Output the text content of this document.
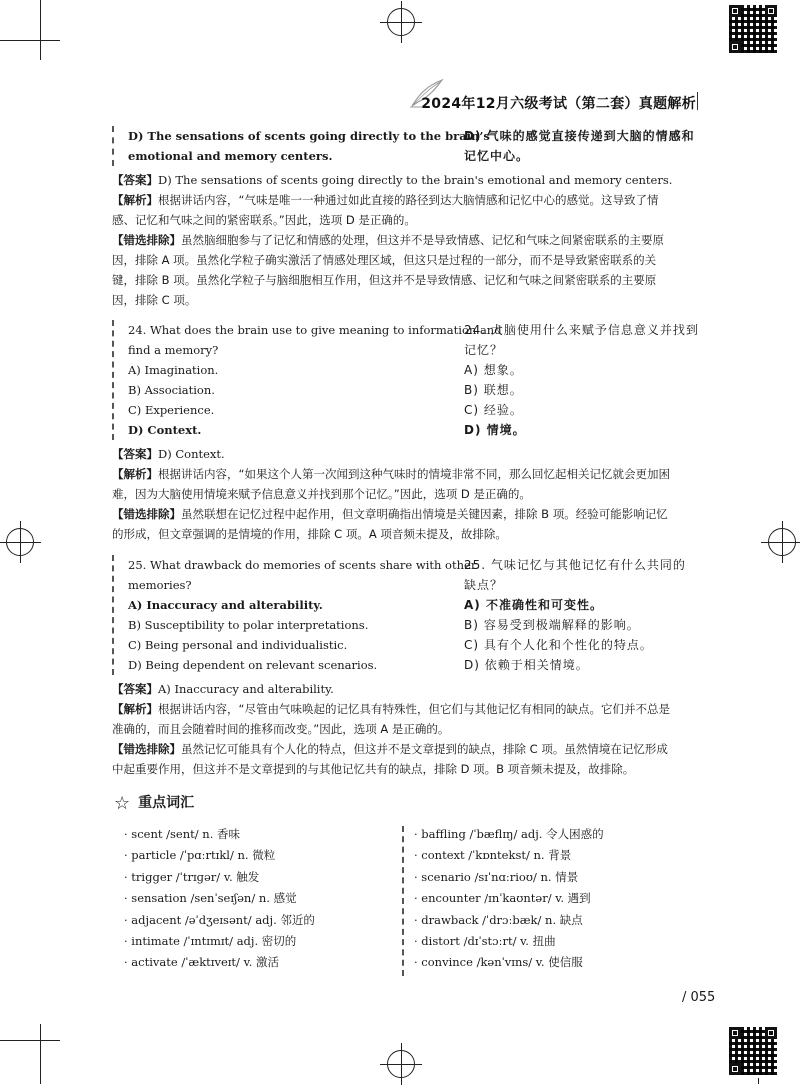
2024年12月六级考试（第二套）真题解析
D) The sensations of scents going directly to the brain’s
emotional and memory centers.
D) 气味的感觉直接传递到大脑的情感和
记忆中心。

【答案】D) The sensations of scents going directly to the brain's emotional and memory centers.

【解析】根据讲话内容，“气味是唯一一种通过如此直接的路径到达大脑情感和记忆中心的感觉。这导致了情

感、记忆和气味之间的紧密联系。”因此，选项 D 是正确的。

【错选排除】虽然脑细胞参与了记忆和情感的处理，但这并不是导致情感、记忆和气味之间紧密联系的主要原

因，排除 A 项。虽然化学粒子确实激活了情感处理区域，但这只是过程的一部分，而不是导致紧密联系的关

键，排除 B 项。虽然化学粒子与脑细胞相互作用，但这并不是导致情感、记忆和气味之间紧密联系的主要原

因，排除 C 项。

24. What does the brain use to give meaning to information and
find a memory?
A) Imagination.
B) Association.
C) Experience.
D) Context.
24. 大脑使用什么来赋予信息意义并找到
记忆？
A) 想象。
B) 联想。
C) 经验。
D) 情境。

【答案】D) Context.

【解析】根据讲话内容，“如果这个人第一次闻到这种气味时的情境非常不同，那么回忆起相关记忆就会更加困

难，因为大脑使用情境来赋予信息意义并找到那个记忆。”因此，选项 D 是正确的。

【错选排除】虽然联想在记忆过程中起作用，但文章明确指出情境是关键因素，排除 B 项。经验可能影响记忆

的形成，但文章强调的是情境的作用，排除 C 项。A 项音频未提及，故排除。

25. What drawback do memories of scents share with other
memories?
A) Inaccuracy and alterability.
B) Susceptibility to polar interpretations.
C) Being personal and individualistic.
D) Being dependent on relevant scenarios.
25. 气味记忆与其他记忆有什么共同的
缺点？
A) 不准确性和可变性。
B) 容易受到极端解释的影响。
C) 具有个人化和个性化的特点。
D) 依赖于相关情境。

【答案】A) Inaccuracy and alterability.

【解析】根据讲话内容，“尽管由气味唤起的记忆具有特殊性，但它们与其他记忆有相同的缺点。它们并不总是

准确的，而且会随着时间的推移而改变。”因此，选项 A 是正确的。

【错选排除】虽然记忆可能具有个人化的特点，但这并不是文章提到的缺点，排除 C 项。虽然情境在记忆形成

中起重要作用，但这并不是文章提到的与其他记忆共有的缺点，排除 D 项。B 项音频未提及，故排除。

☆ 重点词汇
· scent /sent/ n. 香味
· particle /ˈpɑːrtɪkl/ n. 微粒
· trigger /ˈtrɪɡər/ v. 触发
· sensation /senˈseɪʃən/ n. 感觉
· adjacent /əˈdʒeɪsənt/ adj. 邻近的
· intimate /ˈɪntɪmɪt/ adj. 密切的
· activate /ˈæktɪveɪt/ v. 激活
· baffling /ˈbæflɪŋ/ adj. 令人困惑的
· context /ˈkɒntekst/ n. 背景
· scenario /sɪˈnɑːrioʊ/ n. 情景
· encounter /ɪnˈkaʊntər/ v. 遇到
· drawback /ˈdrɔːbæk/ n. 缺点
· distort /dɪˈstɔːrt/ v. 扭曲
· convince /kənˈvɪns/ v. 使信服
/ 055
